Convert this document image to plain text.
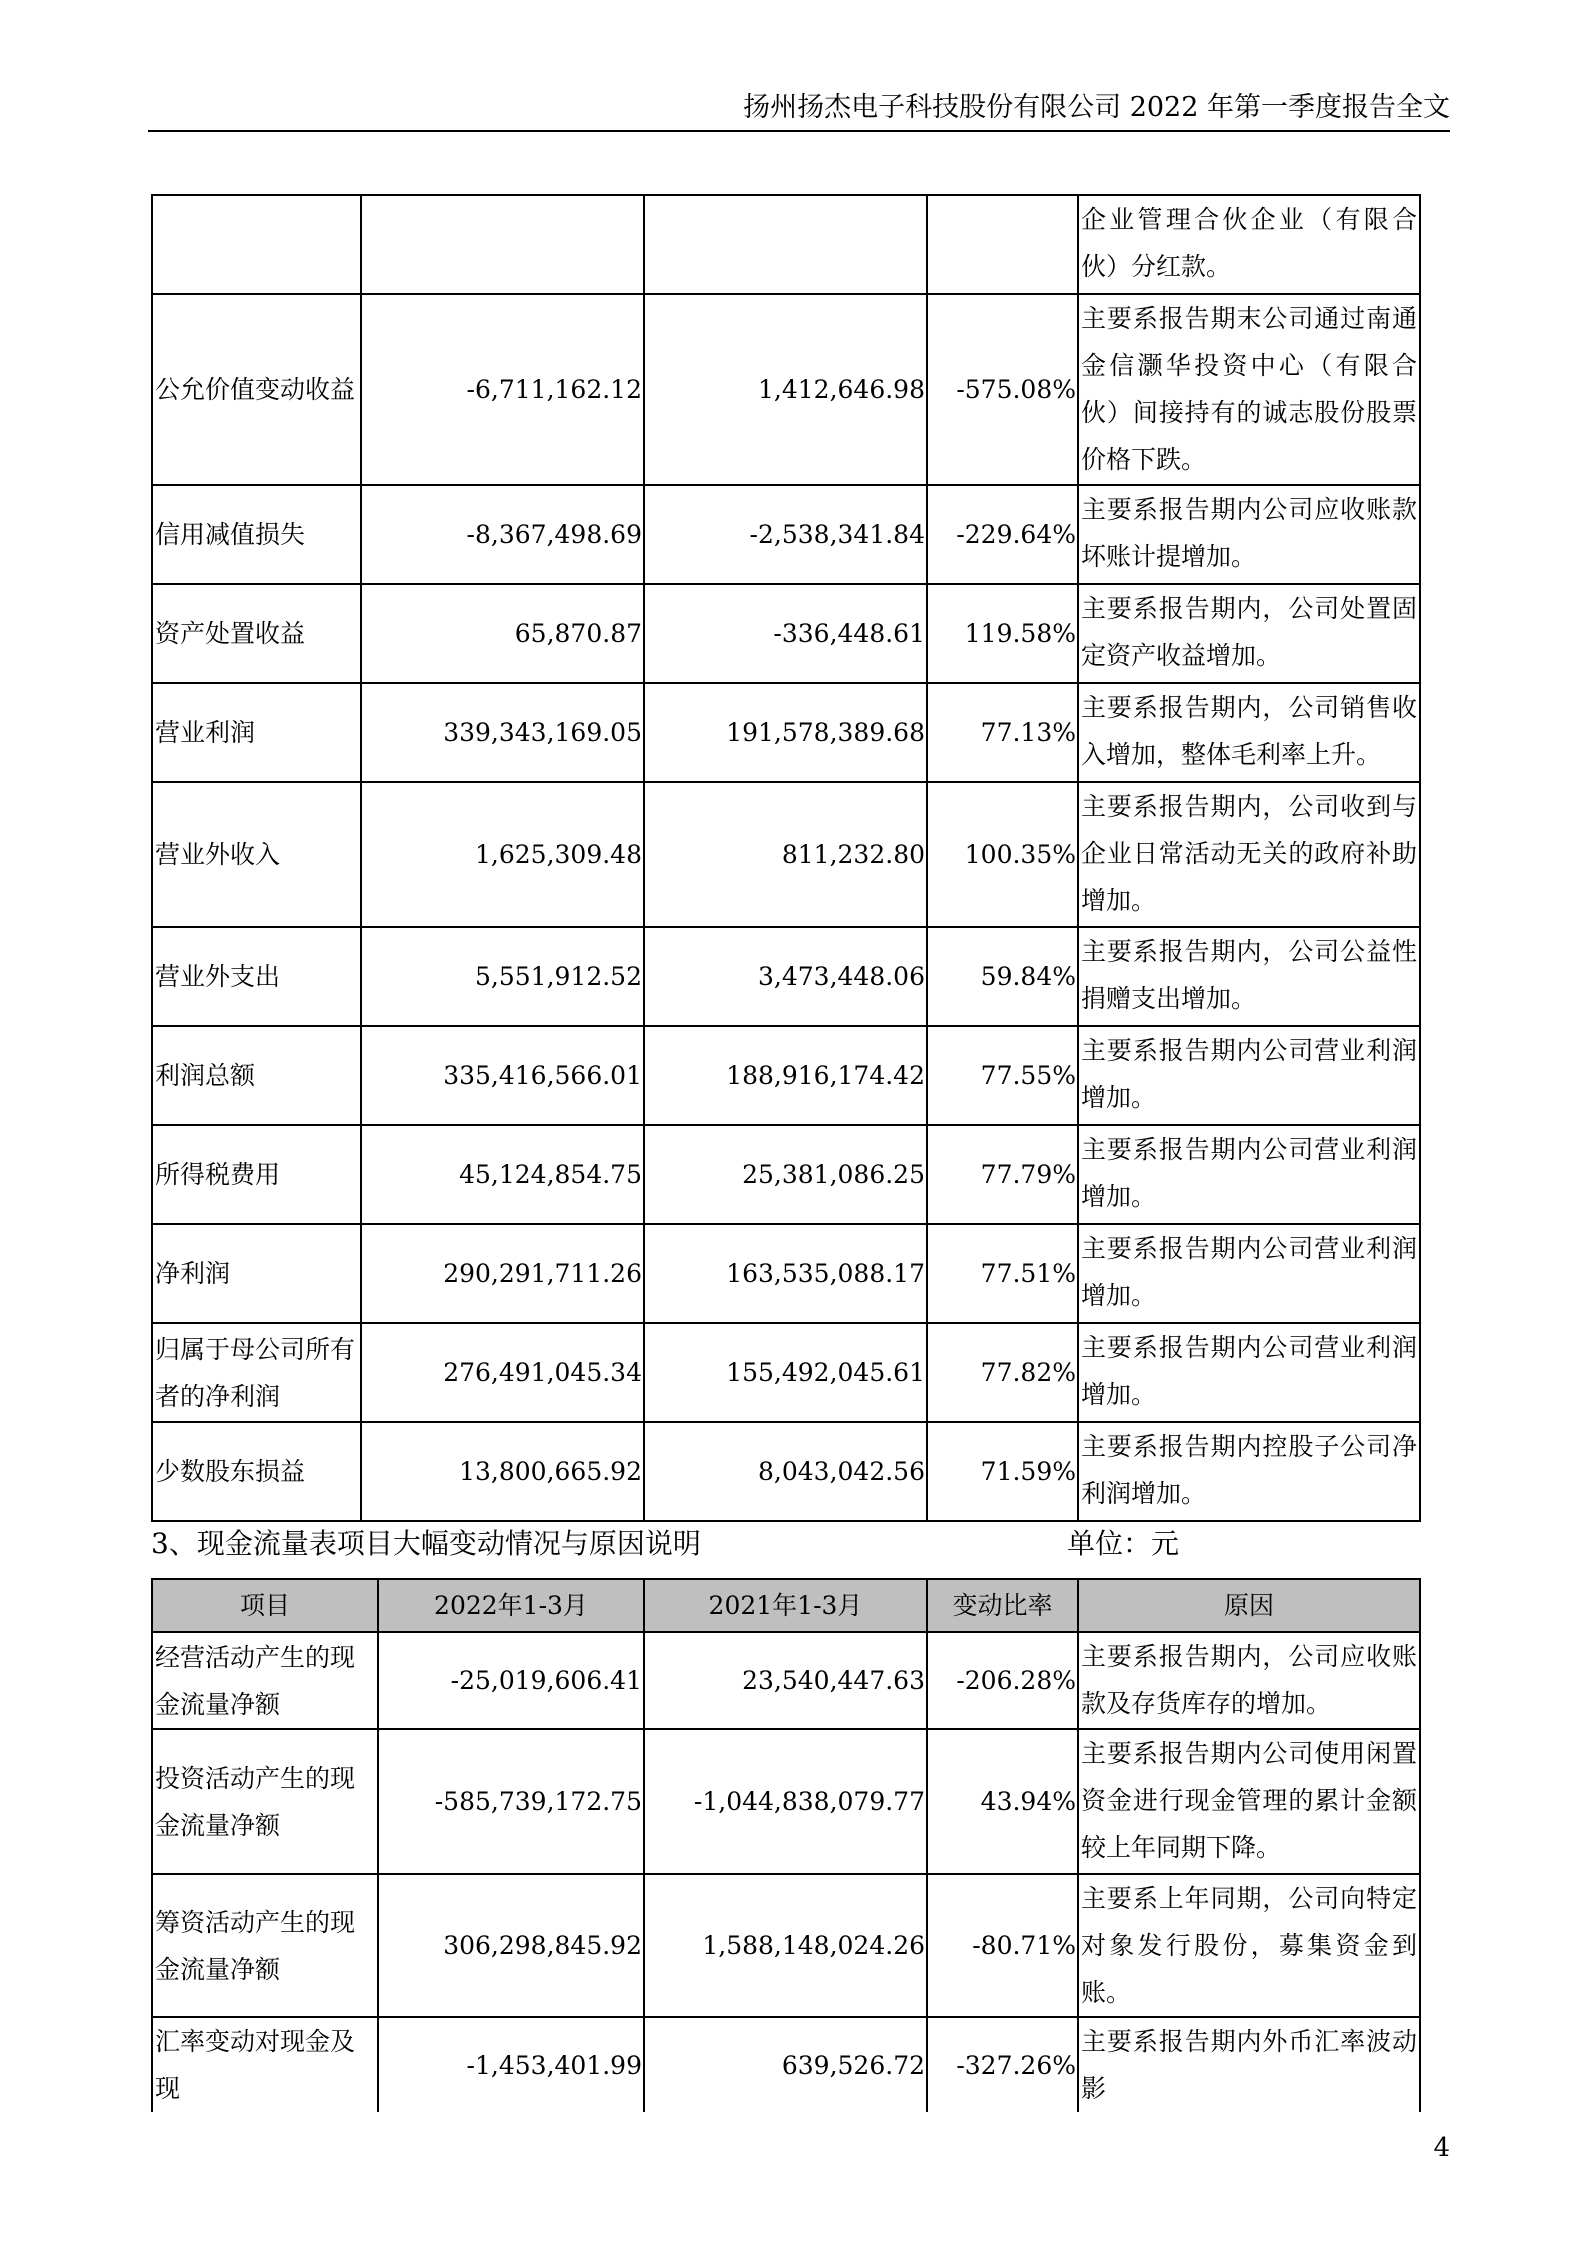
扬州扬杰电子科技股份有限公司 2022 年第一季度报告全文
				企业管理合伙企业（有限合伙）分红款。
公允价值变动收益	-6,711,162.12	1,412,646.98	-575.08%	主要系报告期末公司通过南通金信灏华投资中心（有限合伙）间接持有的诚志股份股票价格下跌。
信用减值损失	-8,367,498.69	-2,538,341.84	-229.64%	主要系报告期内公司应收账款坏账计提增加。
资产处置收益	65,870.87	-336,448.61	119.58%	主要系报告期内，公司处置固定资产收益增加。
营业利润	339,343,169.05	191,578,389.68	77.13%	主要系报告期内，公司销售收入增加，整体毛利率上升。
营业外收入	1,625,309.48	811,232.80	100.35%	主要系报告期内，公司收到与企业日常活动无关的政府补助增加。
营业外支出	5,551,912.52	3,473,448.06	59.84%	主要系报告期内，公司公益性捐赠支出增加。
利润总额	335,416,566.01	188,916,174.42	77.55%	主要系报告期内公司营业利润增加。
所得税费用	45,124,854.75	25,381,086.25	77.79%	主要系报告期内公司营业利润增加。
净利润	290,291,711.26	163,535,088.17	77.51%	主要系报告期内公司营业利润增加。
归属于母公司所有者的净利润	276,491,045.34	155,492,045.61	77.82%	主要系报告期内公司营业利润增加。
少数股东损益	13,800,665.92	8,043,042.56	71.59%	主要系报告期内控股子公司净利润增加。
3、现金流量表项目大幅变动情况与原因说明	单位：元
项目	2022年1-3月	2021年1-3月	变动比率	原因
经营活动产生的现金流量净额	-25,019,606.41	23,540,447.63	-206.28%	主要系报告期内，公司应收账款及存货库存的增加。
投资活动产生的现金流量净额	-585,739,172.75	-1,044,838,079.77	43.94%	主要系报告期内公司使用闲置资金进行现金管理的累计金额较上年同期下降。
筹资活动产生的现金流量净额	306,298,845.92	1,588,148,024.26	-80.71%	主要系上年同期，公司向特定对象发行股份，募集资金到账。
汇率变动对现金及现	-1,453,401.99	639,526.72	-327.26%	主要系报告期内外币汇率波动影
4
